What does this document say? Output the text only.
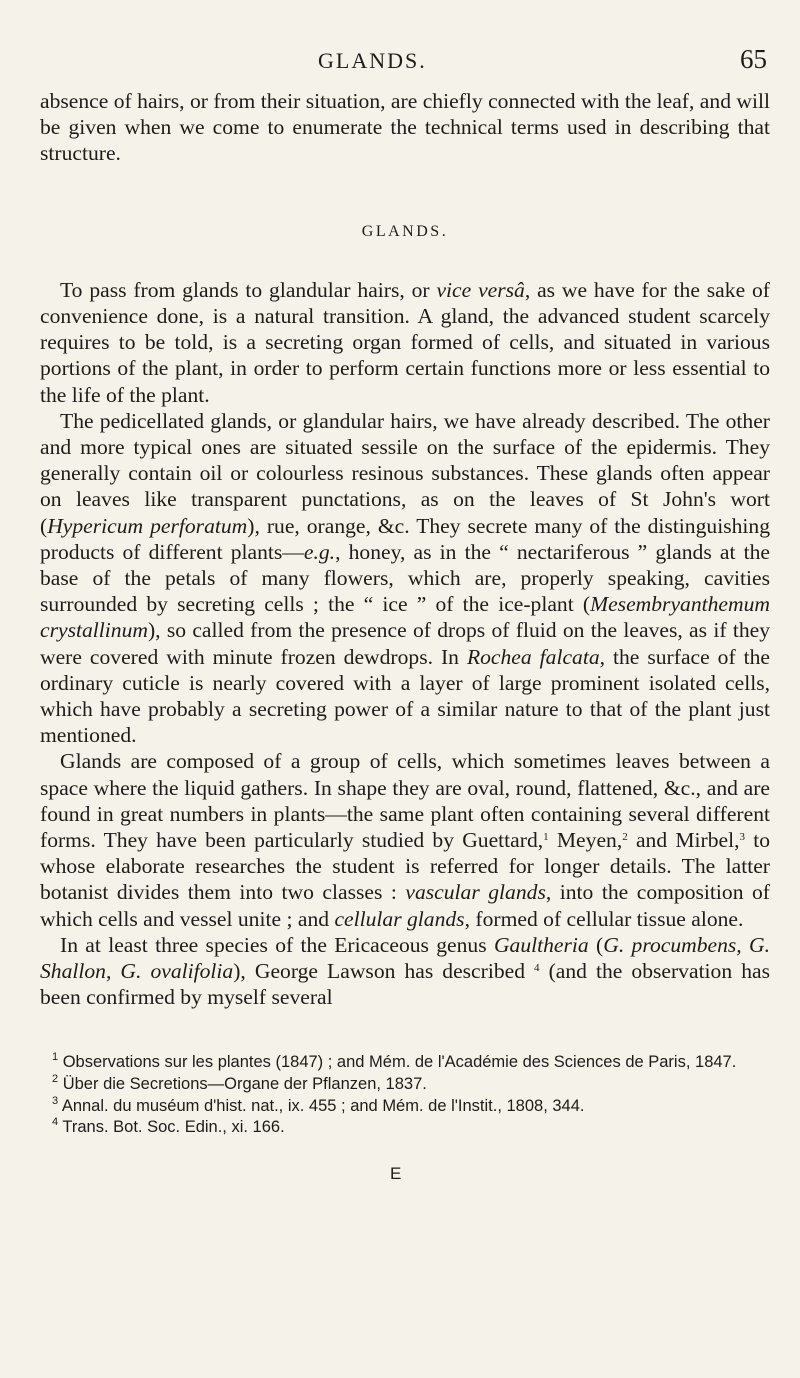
GLANDS.	65

absence of hairs, or from their situation, are chiefly connected with the leaf, and will be given when we come to enumerate the technical terms used in describing that structure.

GLANDS.

To pass from glands to glandular hairs, or vice versâ, as we have for the sake of convenience done, is a natural transition. A gland, the advanced student scarcely requires to be told, is a secreting organ formed of cells, and situated in various portions of the plant, in order to perform certain functions more or less essential to the life of the plant.

The pedicellated glands, or glandular hairs, we have already described. The other and more typical ones are situated sessile on the surface of the epidermis. They generally contain oil or colourless resinous substances. These glands often appear on leaves like transparent punctations, as on the leaves of St John's wort (Hypericum perforatum), rue, orange, &c. They secrete many of the distinguishing products of different plants—e.g., honey, as in the “ nectariferous ” glands at the base of the petals of many flowers, which are, properly speaking, cavities surrounded by secreting cells ; the “ ice ” of the ice-plant (Mesembryanthemum crystallinum), so called from the presence of drops of fluid on the leaves, as if they were covered with minute frozen dewdrops. In Rochea falcata, the surface of the ordinary cuticle is nearly covered with a layer of large prominent isolated cells, which have probably a secreting power of a similar nature to that of the plant just mentioned.

Glands are composed of a group of cells, which sometimes leaves between a space where the liquid gathers. In shape they are oval, round, flattened, &c., and are found in great numbers in plants—the same plant often containing several different forms. They have been particularly studied by Guettard,$^1$ Meyen,$^2$ and Mirbel,$^3$ to whose elaborate researches the student is referred for longer details. The latter botanist divides them into two classes : vascular glands, into the composition of which cells and vessel unite ; and cellular glands, formed of cellular tissue alone.

In at least three species of the Ericaceous genus Gaultheria (G. procumbens, G. Shallon, G. ovalifolia), George Lawson has described $^4$ (and the observation has been confirmed by myself several

$^1$ Observations sur les plantes (1847) ; and Mém. de l'Académie des Sciences de Paris, 1847.

$^2$ Über die Secretions—Organe der Pflanzen, 1837.

$^3$ Annal. du muséum d'hist. nat., ix. 455 ; and Mém. de l'Instit., 1808, 344.

$^4$ Trans. Bot. Soc. Edin., xi. 166.

E
